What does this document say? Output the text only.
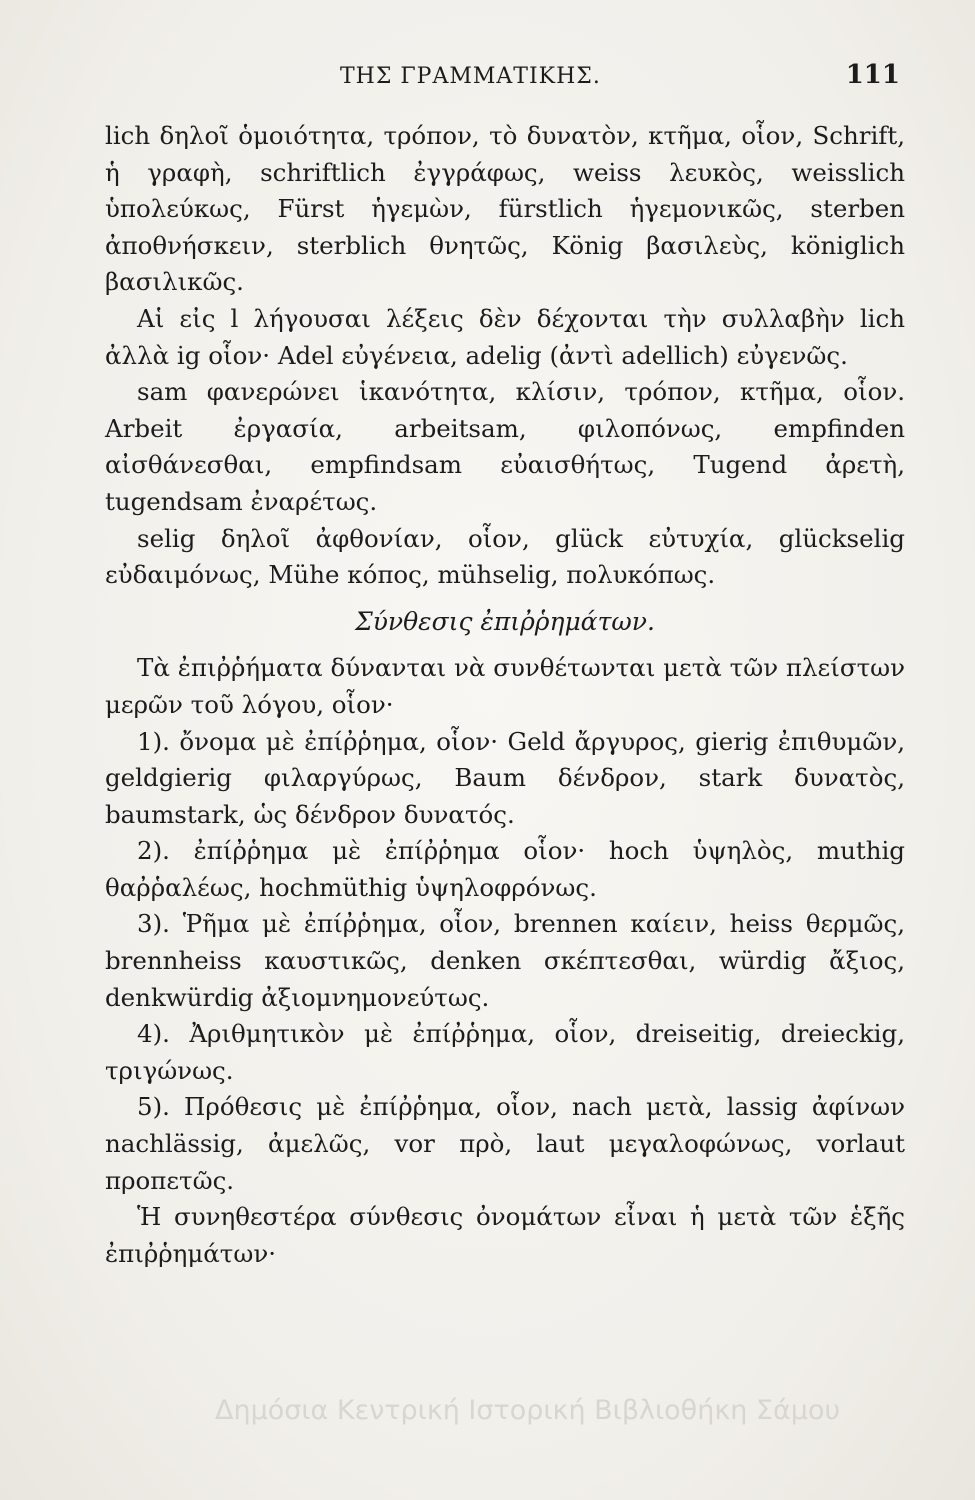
ΤΗΣ ΓΡΑΜΜΑΤΙΚΗΣ.	111

lich δηλοῖ ὁμοιότητα, τρόπον, τὸ δυνατὸν, κτῆμα, οἷον, Schrift, ἡ γραφὴ, schriftlich ἐγγράφως, weiss λευκὸς, weisslich ὑπολεύκως, Fürst ἡγεμὼν, fürstlich ἡγεμονικῶς, sterben ἀποθνήσκειν, sterblich θνητῶς, König βασιλεὺς, königlich βασιλικῶς.

Αἱ εἰς l λήγουσαι λέξεις δὲν δέχονται τὴν συλλαβὴν lich ἀλλὰ ig οἷον· Adel εὐγένεια, adelig (ἀντὶ adellich) εὐγενῶς.

sam φανερώνει ἱκανότητα, κλίσιν, τρόπον, κτῆμα, οἷον. Arbeit ἐργασία, arbeitsam, φιλοπόνως, empfinden αἰσθάνεσθαι, empfindsam εὐαισθήτως, Tugend ἀρετὴ, tugendsam ἐναρέτως.

selig δηλοῖ ἀφθονίαν, οἷον, glück εὐτυχία, glückselig εὐδαιμόνως, Mühe κόπος, mühselig, πολυκόπως.

Σύνθεσις ἐπιῤῥημάτων.

Τὰ ἐπιῤῥήματα δύνανται νὰ συνθέτωνται μετὰ τῶν πλείστων μερῶν τοῦ λόγου, οἷον·

1). ὄνομα μὲ ἐπίῤῥημα, οἷον· Geld ἄργυρος, gierig ἐπιθυμῶν, geldgierig φιλαργύρως, Baum δένδρον, stark δυνατὸς, baumstark, ὡς δένδρον δυνατός.

2). ἐπίῤῥημα μὲ ἐπίῤῥημα οἷον· hoch ὑψηλὸς, muthig θαῤῥαλέως, hochmüthig ὑψηλοφρόνως.

3). Ῥῆμα μὲ ἐπίῤῥημα, οἷον, brennen καίειν, heiss θερμῶς, brennheiss καυστικῶς, denken σκέπτεσθαι, würdig ἄξιος, denkwürdig ἀξιομνημονεύτως.

4). Ἀριθμητικὸν μὲ ἐπίῤῥημα, οἷον, dreiseitig, dreieckig, τριγώνως.

5). Πρόθεσις μὲ ἐπίῤῥημα, οἷον, nach μετὰ, lassig ἀφίνων nachlässig, ἀμελῶς, vor πρὸ, laut μεγαλοφώνως, vorlaut προπετῶς.

Ἡ συνηθεστέρα σύνθεσις ὀνομάτων εἶναι ἡ μετὰ τῶν ἑξῆς ἐπιῤῥημάτων·

Δημόσια Κεντρική Ιστορική Βιβλιοθήκη Σάμου
